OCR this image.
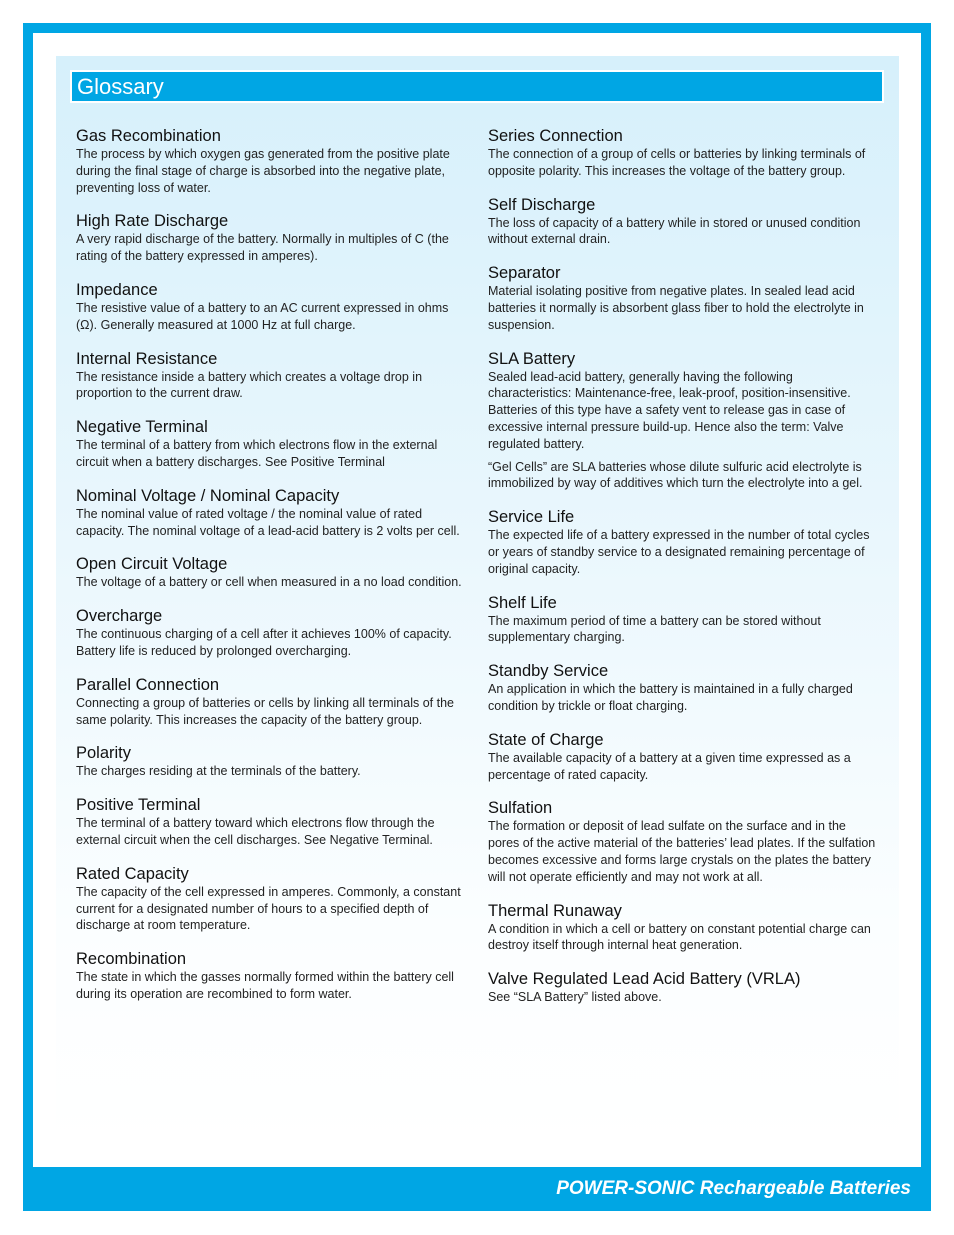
Glossary

Gas Recombination

The process by which oxygen gas generated from the positive plate during the final stage of charge is absorbed into the negative plate, preventing loss of water.

High Rate Discharge

A very rapid discharge of the battery. Normally in multiples of C (the rating of the battery expressed in amperes).

Impedance

The resistive value of a battery to an AC current expressed in ohms (Ω). Generally measured at 1000 Hz at full charge.

Internal Resistance

The resistance inside a battery which creates a voltage drop in proportion to the current draw.

Negative Terminal

The terminal of a battery from which electrons flow in the external circuit when a battery discharges. See Positive Terminal

Nominal Voltage / Nominal Capacity

The nominal value of rated voltage / the nominal value of rated capacity. The nominal voltage of a lead-acid battery is 2 volts per cell.

Open Circuit Voltage

The voltage of a battery or cell when measured in a no load condition.

Overcharge

The continuous charging of a cell after it achieves 100% of capacity. Battery life is reduced by prolonged overcharging.

Parallel Connection

Connecting a group of batteries or cells by linking all terminals of the same polarity. This increases the capacity of the battery group.

Polarity

The charges residing at the terminals of the battery.

Positive Terminal

The terminal of a battery toward which electrons flow through the external circuit when the cell discharges. See Negative Terminal.

Rated Capacity

The capacity of the cell expressed in amperes. Commonly, a constant current for a designated number of hours to a specified depth of discharge at room temperature.

Recombination

The state in which the gasses normally formed within the battery cell during its operation are recombined to form water.

Series Connection

The connection of a group of cells or batteries by linking terminals of opposite polarity. This increases the voltage of the battery group.

Self Discharge

The loss of capacity of a battery while in stored or unused condition without external drain.

Separator

Material isolating positive from negative plates. In sealed lead acid batteries it normally is absorbent glass fiber to hold the electrolyte in suspension.

SLA Battery

Sealed lead-acid battery, generally having the following characteristics: Maintenance-free, leak-proof, position-insensitive. Batteries of this type have a safety vent to release gas in case of excessive internal pressure build-up. Hence also the term: Valve regulated battery.

“Gel Cells” are SLA batteries whose dilute sulfuric acid electrolyte is immobilized by way of additives which turn the electrolyte into a gel.

Service Life

The expected life of a battery expressed in the number of total cycles or years of standby service to a designated remaining percentage of original capacity.

Shelf Life

The maximum period of time a battery can be stored without supplementary charging.

Standby Service

An application in which the battery is maintained in a fully charged condition by trickle or float charging.

State of Charge

The available capacity of a battery at a given time expressed as a percentage of rated capacity.

Sulfation

The formation or deposit of lead sulfate on the surface and in the pores of the active material of the batteries’ lead plates. If the sulfation becomes excessive and forms large crystals on the plates the battery will not operate efficiently and may not work at all.

Thermal Runaway

A condition in which a cell or battery on constant potential charge can destroy itself through internal heat generation.

Valve Regulated Lead Acid Battery (VRLA)

See “SLA Battery” listed above.

POWER-SONIC Rechargeable Batteries
